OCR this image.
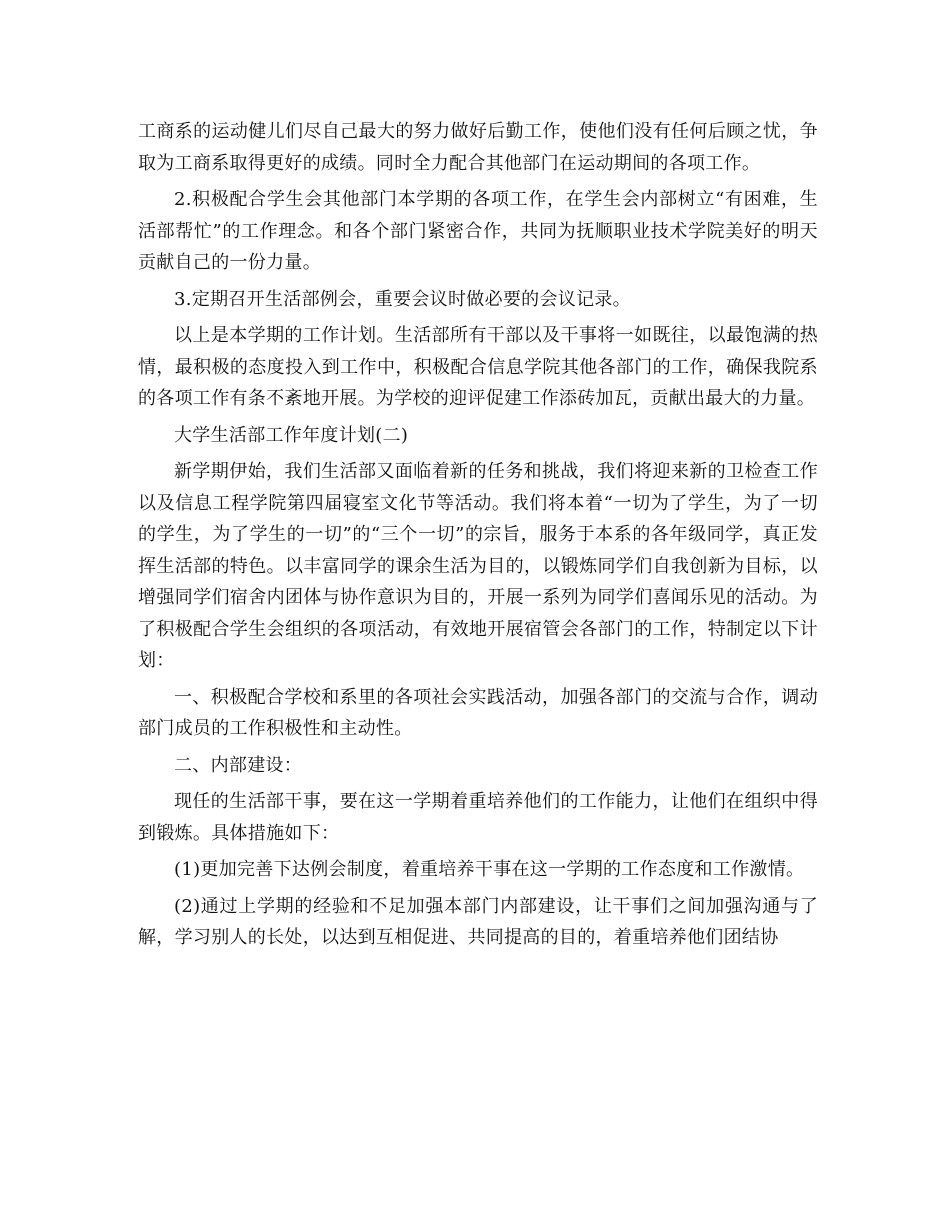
工商系的运动健儿们尽自己最大的努力做好后勤工作，使他们没有任何后顾之忧，争取为工商系取得更好的成绩。同时全力配合其他部门在运动期间的各项工作。

2.积极配合学生会其他部门本学期的各项工作，在学生会内部树立“有困难，生活部帮忙”的工作理念。和各个部门紧密合作，共同为抚顺职业技术学院美好的明天贡献自己的一份力量。

3.定期召开生活部例会，重要会议时做必要的会议记录。

以上是本学期的工作计划。生活部所有干部以及干事将一如既往，以最饱满的热情，最积极的态度投入到工作中，积极配合信息学院其他各部门的工作，确保我院系的各项工作有条不紊地开展。为学校的迎评促建工作添砖加瓦，贡献出最大的力量。

大学生活部工作年度计划(二)

新学期伊始，我们生活部又面临着新的任务和挑战，我们将迎来新的卫检查工作以及信息工程学院第四届寝室文化节等活动。我们将本着“一切为了学生，为了一切的学生，为了学生的一切”的“三个一切”的宗旨，服务于本系的各年级同学，真正发挥生活部的特色。以丰富同学的课余生活为目的，以锻炼同学们自我创新为目标，以增强同学们宿舍内团体与协作意识为目的，开展一系列为同学们喜闻乐见的活动。为了积极配合学生会组织的各项活动，有效地开展宿管会各部门的工作，特制定以下计划：

一、积极配合学校和系里的各项社会实践活动，加强各部门的交流与合作，调动部门成员的工作积极性和主动性。

二、内部建设：

现任的生活部干事，要在这一学期着重培养他们的工作能力，让他们在组织中得到锻炼。具体措施如下：

(1)更加完善下达例会制度，着重培养干事在这一学期的工作态度和工作激情。

(2)通过上学期的经验和不足加强本部门内部建设，让干事们之间加强沟通与了解，学习别人的长处，以达到互相促进、共同提高的目的，着重培养他们团结协
